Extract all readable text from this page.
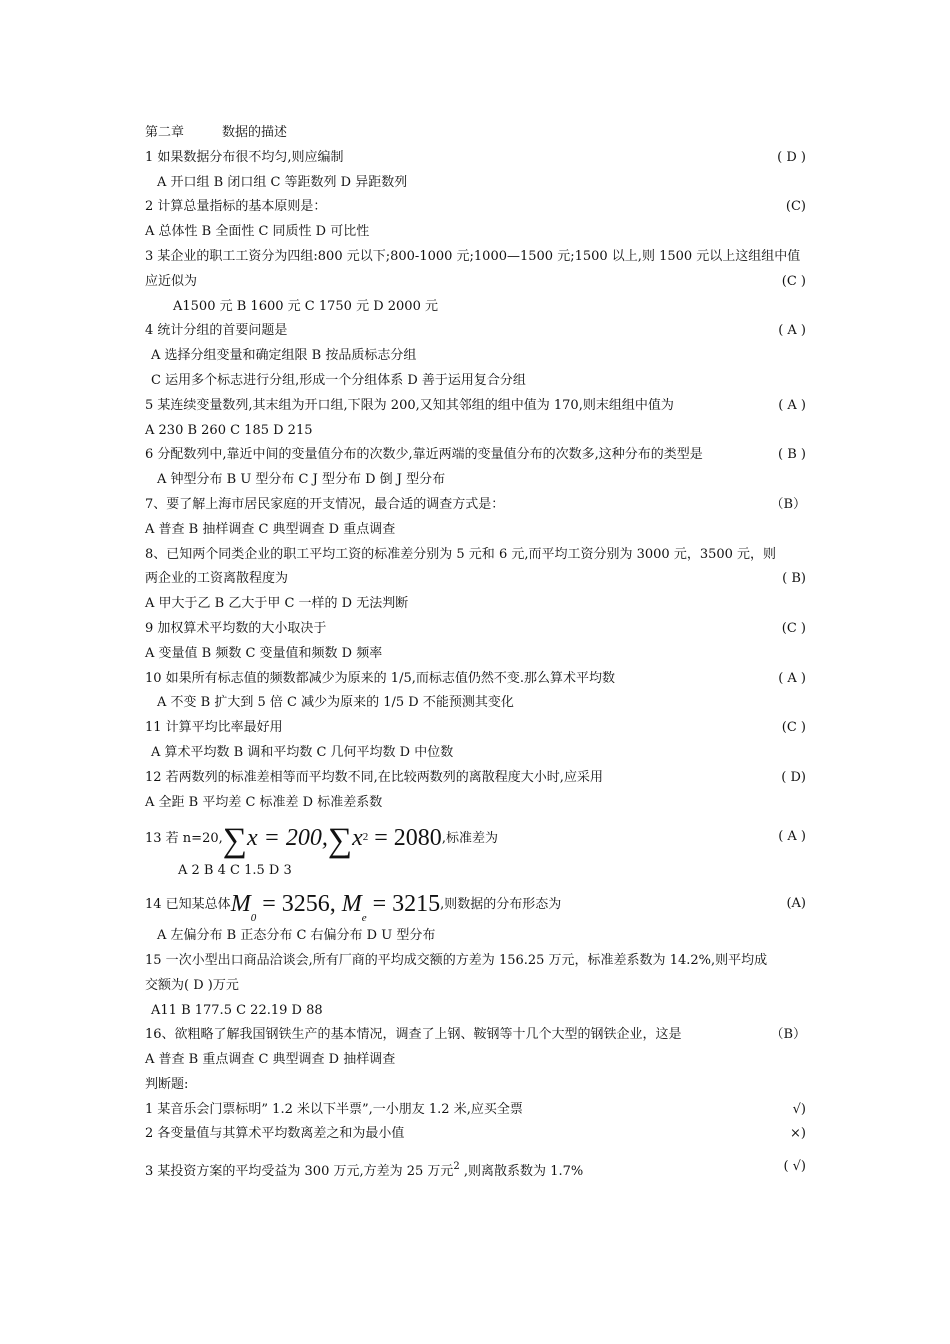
第二章	数据的描述
1 如果数据分布很不均匀,则应编制	( D )
A 开口组 B 闭口组 C 等距数列 D 异距数列
2 计算总量指标的基本原则是：	(C)
A 总体性 B 全面性 C 同质性 D 可比性
3 某企业的职工工资分为四组:800 元以下;800-1000 元;1000—1500 元;1500 以上,则 1500 元以上这组组中值
应近似为	(C )
A1500 元 B 1600 元 C 1750 元 D 2000 元
4 统计分组的首要问题是	( A )
A 选择分组变量和确定组限 B 按品质标志分组
C 运用多个标志进行分组,形成一个分组体系 D 善于运用复合分组
5 某连续变量数列,其末组为开口组,下限为 200,又知其邻组的组中值为 170,则末组组中值为	( A )
A 230 B 260 C 185 D 215
6 分配数列中,靠近中间的变量值分布的次数少,靠近两端的变量值分布的次数多,这种分布的类型是	( B )
A 钟型分布 B U 型分布 C J 型分布 D 倒 J 型分布
7、要了解上海市居民家庭的开支情况，最合适的调查方式是：	（B）
A 普查 B 抽样调查 C 典型调查 D 重点调查
8、已知两个同类企业的职工平均工资的标准差分别为 5 元和 6 元,而平均工资分别为 3000 元，3500 元，则
两企业的工资离散程度为	( B)
A 甲大于乙 B 乙大于甲 C 一样的 D 无法判断
9 加权算术平均数的大小取决于	(C )
A 变量值 B 频数 C 变量值和频数 D 频率
10 如果所有标志值的频数都减少为原来的 1/5,而标志值仍然不变.那么算术平均数	( A )
A 不变 B 扩大到 5 倍 C 减少为原来的 1/5 D 不能预测其变化
11 计算平均比率最好用	(C )
A 算术平均数 B 调和平均数 C 几何平均数 D 中位数
12 若两数列的标准差相等而平均数不同,在比较两数列的离散程度大小时,应采用	( D)
A 全距 B 平均差 C 标准差 D 标准差系数
13 若 $n=20,\sum x = 200,\sum x^2 = 2080$,标准差为	( A )
A 2 B 4 C 1.5 D 3
14 已知某总体$M_0 = 3256$, $M_e = 3215$,则数据的分布形态为	(A)
A 左偏分布 B 正态分布 C 右偏分布 D U 型分布
15 一次小型出口商品洽谈会,所有厂商的平均成交额的方差为 156.25 万元，标准差系数为 14.2%,则平均成
交额为( D )万元
A11 B 177.5 C 22.19 D 88
16、欲粗略了解我国钢铁生产的基本情况，调查了上钢、鞍钢等十几个大型的钢铁企业，这是	（B）
A 普查 B 重点调查 C 典型调查 D 抽样调查
判断题:
1 某音乐会门票标明” 1.2 米以下半票”,一小朋友 1.2 米,应买全票	√)
2 各变量值与其算术平均数离差之和为最小值	×)
3 某投资方案的平均受益为 300 万元,方差为 25 万元$^2$ ,则离散系数为 1.7%	( √)
